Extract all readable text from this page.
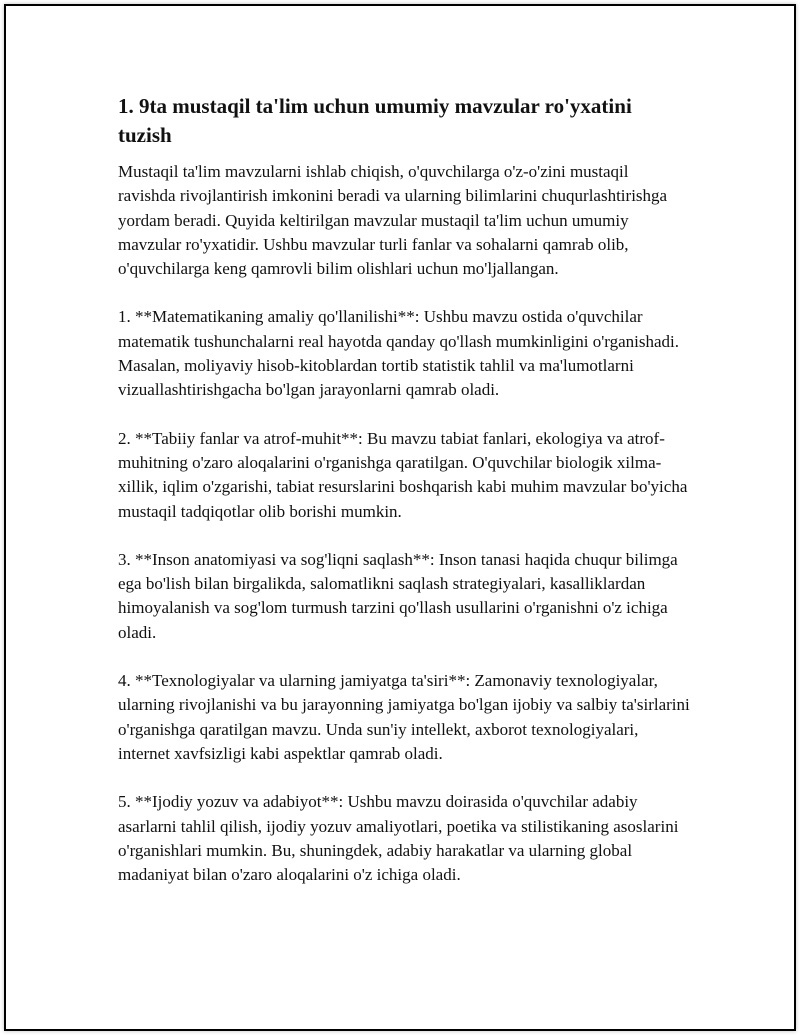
1. 9ta mustaqil ta'lim uchun umumiy mavzular ro'yxatini tuzish

Mustaqil ta'lim mavzularni ishlab chiqish, o'quvchilarga o'z-o'zini mustaqil ravishda rivojlantirish imkonini beradi va ularning bilimlarini chuqurlashtirishga yordam beradi. Quyida keltirilgan mavzular mustaqil ta'lim uchun umumiy mavzular ro'yxatidir. Ushbu mavzular turli fanlar va sohalarni qamrab olib, o'quvchilarga keng qamrovli bilim olishlari uchun mo'ljallangan.

1. **Matematikaning amaliy qo'llanilishi**: Ushbu mavzu ostida o'quvchilar matematik tushunchalarni real hayotda qanday qo'llash mumkinligini o'rganishadi. Masalan, moliyaviy hisob-kitoblardan tortib statistik tahlil va ma'lumotlarni vizuallashtirishgacha bo'lgan jarayonlarni qamrab oladi.

2. **Tabiiy fanlar va atrof-muhit**: Bu mavzu tabiat fanlari, ekologiya va atrof-muhitning o'zaro aloqalarini o'rganishga qaratilgan. O'quvchilar biologik xilma-xillik, iqlim o'zgarishi, tabiat resurslarini boshqarish kabi muhim mavzular bo'yicha mustaqil tadqiqotlar olib borishi mumkin.

3. **Inson anatomiyasi va sog'liqni saqlash**: Inson tanasi haqida chuqur bilimga ega bo'lish bilan birgalikda, salomatlikni saqlash strategiyalari, kasalliklardan himoyalanish va sog'lom turmush tarzini qo'llash usullarini o'rganishni o'z ichiga oladi.

4. **Texnologiyalar va ularning jamiyatga ta'siri**: Zamonaviy texnologiyalar, ularning rivojlanishi va bu jarayonning jamiyatga bo'lgan ijobiy va salbiy ta'sirlarini o'rganishga qaratilgan mavzu. Unda sun'iy intellekt, axborot texnologiyalari, internet xavfsizligi kabi aspektlar qamrab oladi.

5. **Ijodiy yozuv va adabiyot**: Ushbu mavzu doirasida o'quvchilar adabiy asarlarni tahlil qilish, ijodiy yozuv amaliyotlari, poetika va stilistikaning asoslarini o'rganishlari mumkin. Bu, shuningdek, adabiy harakatlar va ularning global madaniyat bilan o'zaro aloqalarini o'z ichiga oladi.
